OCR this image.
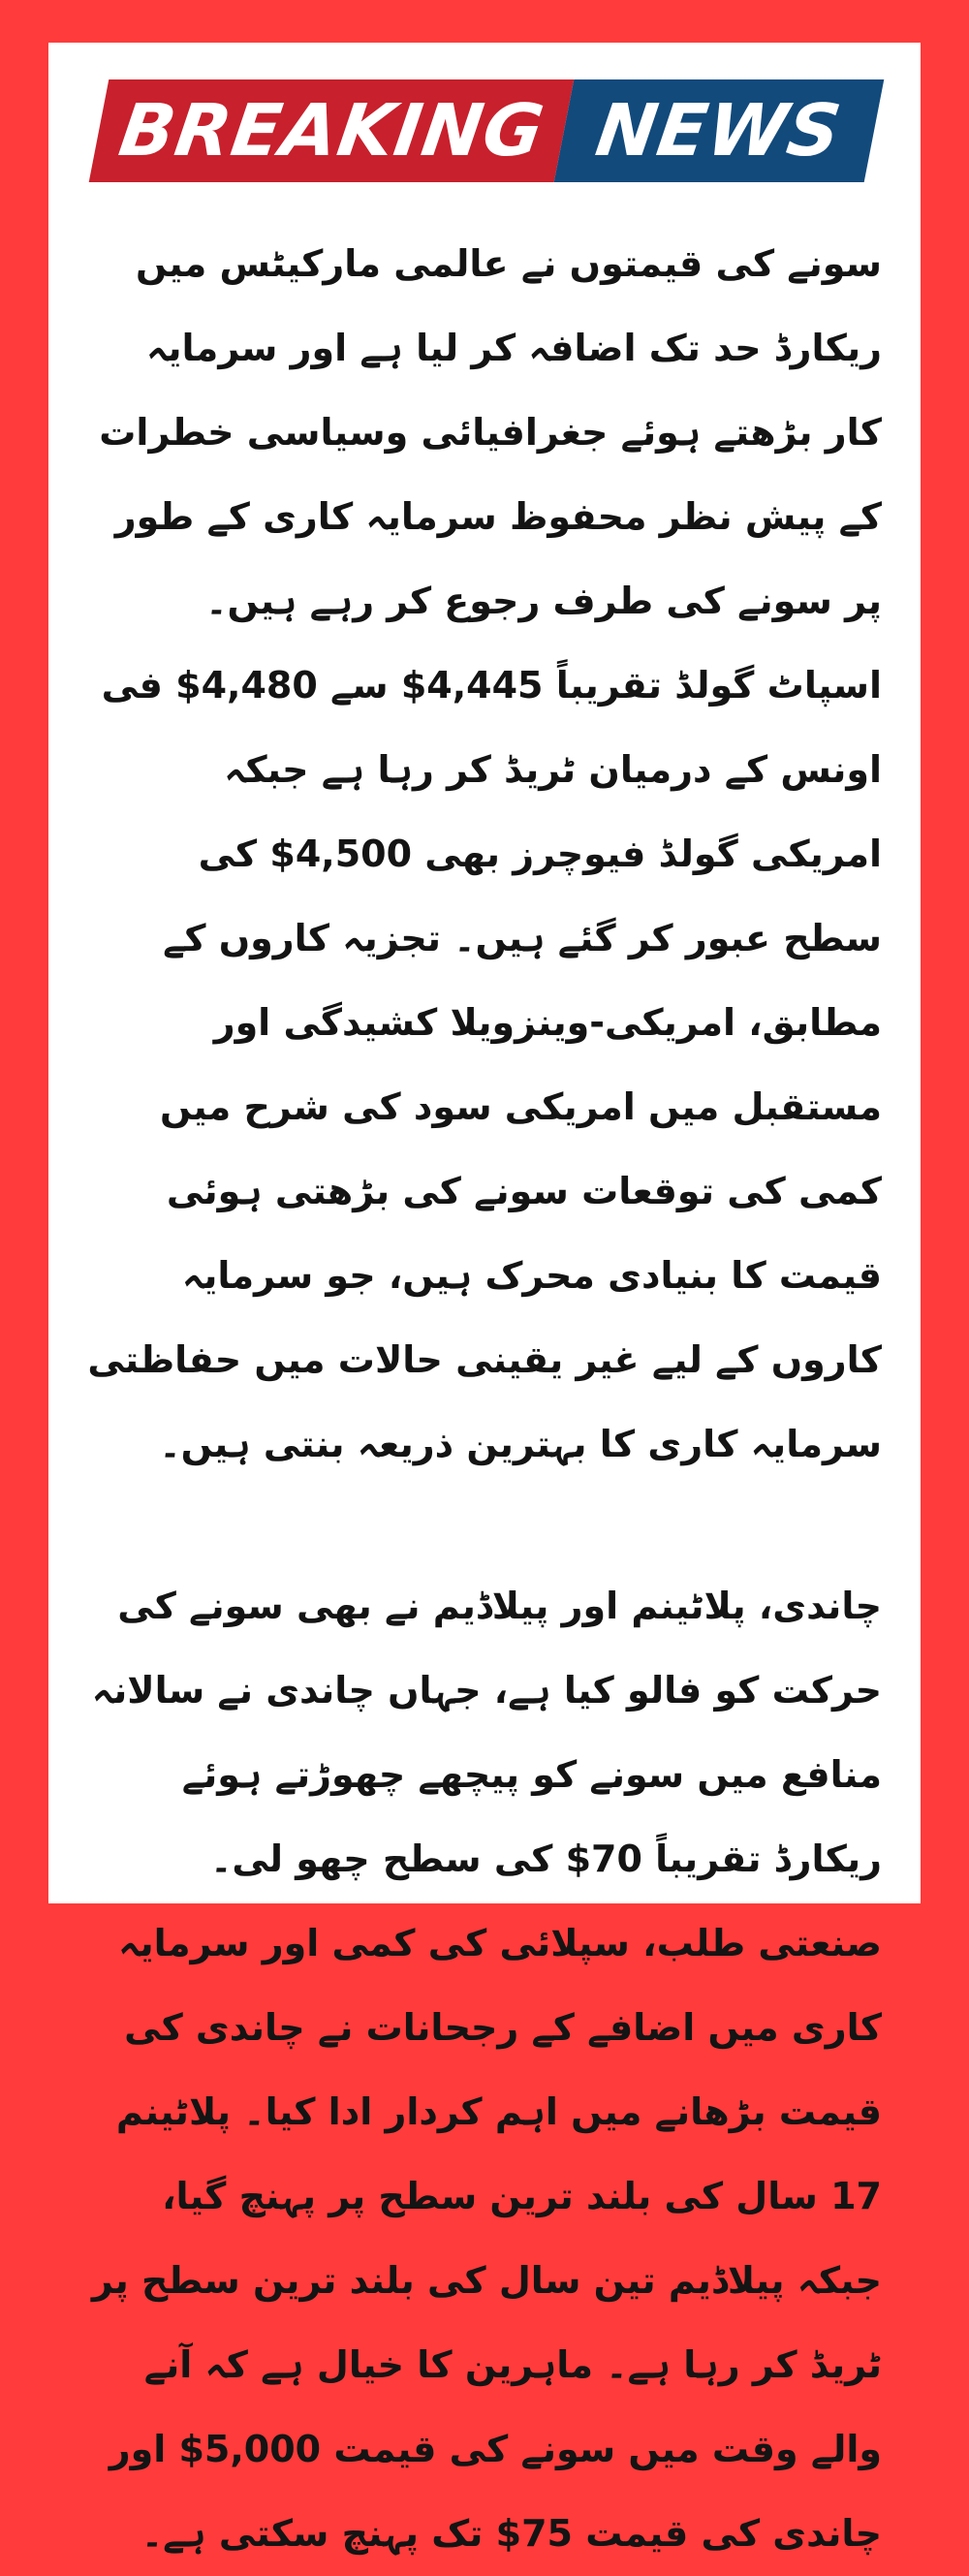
BREAKING NEWS

سونے کی قیمتوں نے عالمی مارکیٹس میں ریکارڈ حد تک اضافہ کر لیا ہے اور سرمایہ کار بڑھتے ہوئے جغرافیائی وسیاسی خطرات کے پیش نظر محفوظ سرمایہ کاری کے طور پر سونے کی طرف رجوع کر رہے ہیں۔ اسپاٹ گولڈ تقریباً ‎$4,445‎ سے ‎$4,480‎ فی اونس کے درمیان ٹریڈ کر رہا ہے جبکہ امریکی گولڈ فیوچرز بھی ‎$4,500‎ کی سطح عبور کر گئے ہیں۔ تجزیہ کاروں کے مطابق، امریکی-وینزویلا کشیدگی اور مستقبل میں امریکی سود کی شرح میں کمی کی توقعات سونے کی بڑھتی ہوئی قیمت کا بنیادی محرک ہیں، جو سرمایہ کاروں کے لیے غیر یقینی حالات میں حفاظتی سرمایہ کاری کا بہترین ذریعہ بنتی ہیں۔

چاندی، پلاٹینم اور پیلاڈیم نے بھی سونے کی حرکت کو فالو کیا ہے، جہاں چاندی نے سالانہ منافع میں سونے کو پیچھے چھوڑتے ہوئے ریکارڈ تقریباً ‎$70‎ کی سطح چھو لی۔ صنعتی طلب، سپلائی کی کمی اور سرمایہ کاری میں اضافے کے رجحانات نے چاندی کی قیمت بڑھانے میں اہم کردار ادا کیا۔ پلاٹینم 17 سال کی بلند ترین سطح پر پہنچ گیا، جبکہ پیلاڈیم تین سال کی بلند ترین سطح پر ٹریڈ کر رہا ہے۔ ماہرین کا خیال ہے کہ آنے والے وقت میں سونے کی قیمت ‎$5,000‎ اور چاندی کی قیمت ‎$75‎ تک پہنچ سکتی ہے۔
